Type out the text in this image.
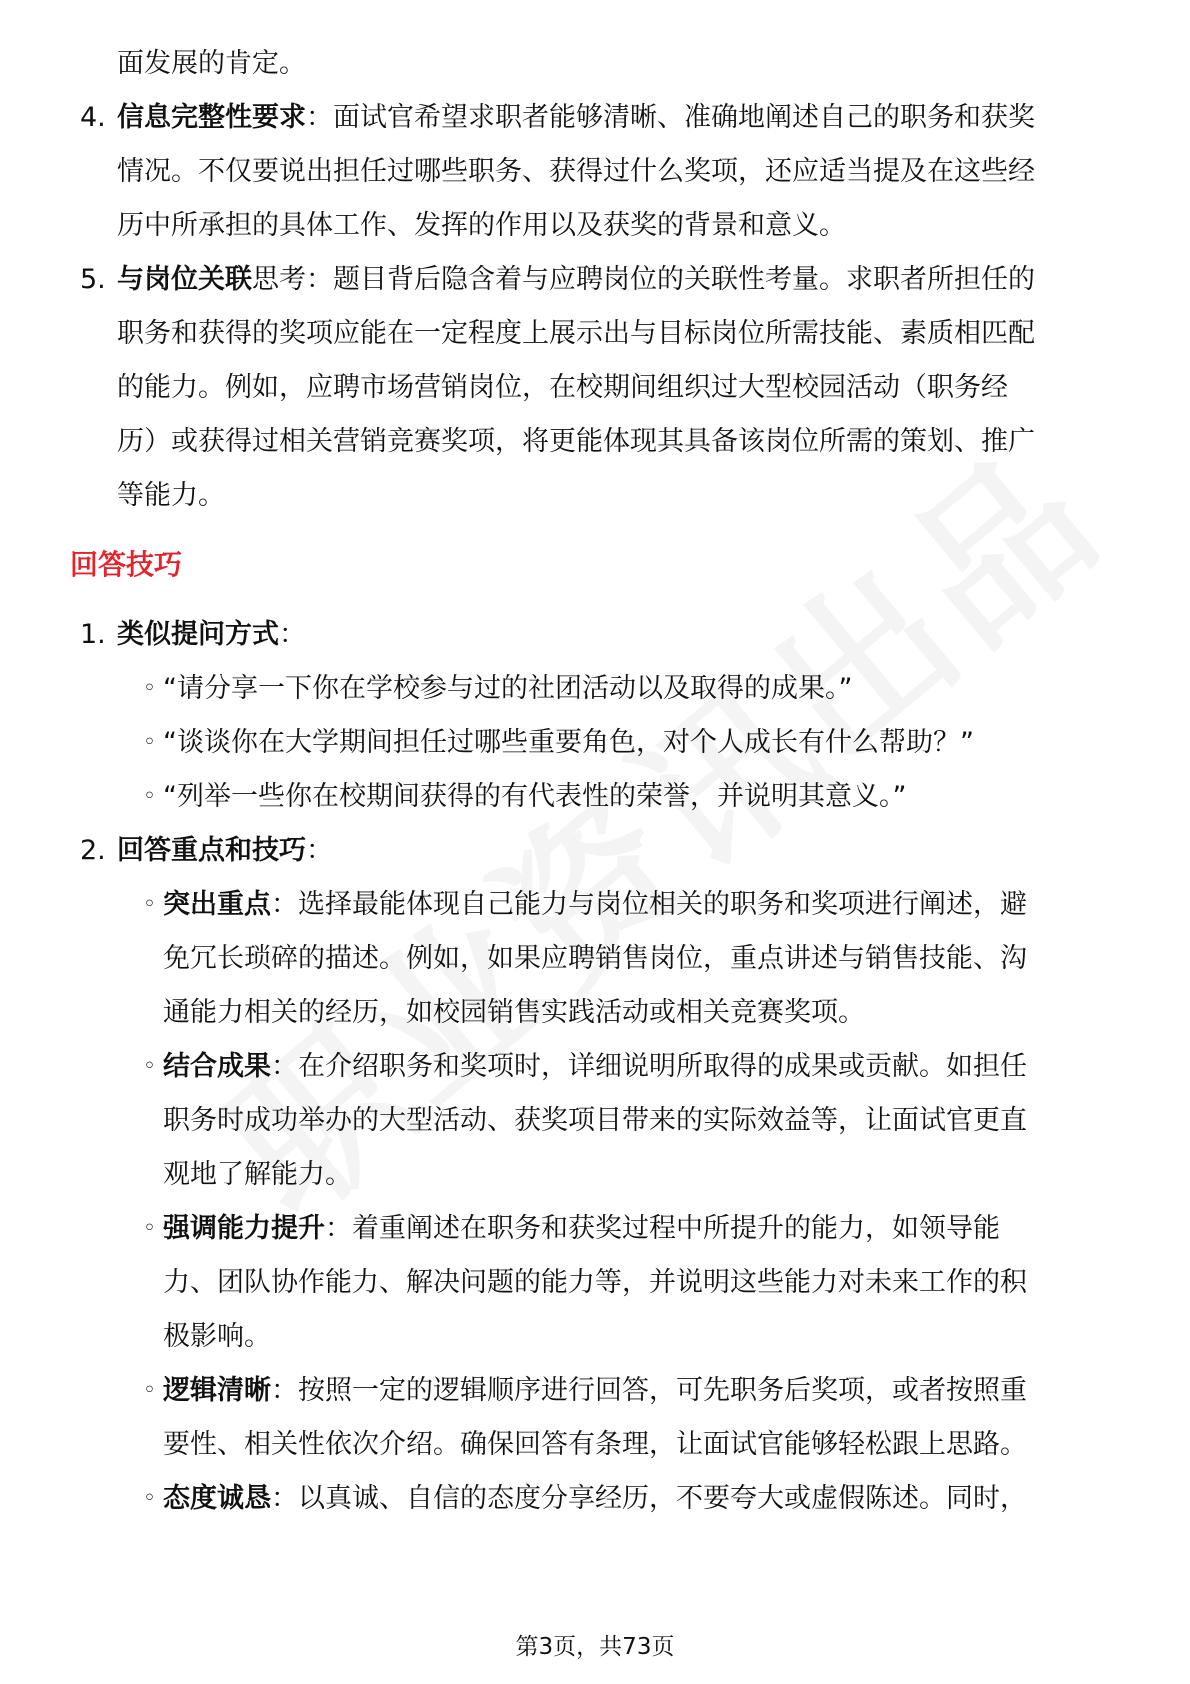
面发展的肯定。
4. 信息完整性要求：面试官希望求职者能够清晰、准确地阐述自己的职务和获奖
情况。不仅要说出担任过哪些职务、获得过什么奖项，还应适当提及在这些经
历中所承担的具体工作、发挥的作用以及获奖的背景和意义。
5. 与岗位关联思考：题目背后隐含着与应聘岗位的关联性考量。求职者所担任的
职务和获得的奖项应能在一定程度上展示出与目标岗位所需技能、素质相匹配
的能力。例如，应聘市场营销岗位，在校期间组织过大型校园活动（职务经
历）或获得过相关营销竞赛奖项，将更能体现其具备该岗位所需的策划、推广
等能力。
回答技巧
1. 类似提问方式：
◦ “请分享一下你在学校参与过的社团活动以及取得的成果。”
◦ “谈谈你在大学期间担任过哪些重要角色，对个人成长有什么帮助？”
◦ “列举一些你在校期间获得的有代表性的荣誉，并说明其意义。”
2. 回答重点和技巧：
◦ 突出重点：选择最能体现自己能力与岗位相关的职务和奖项进行阐述，避
免冗长琐碎的描述。例如，如果应聘销售岗位，重点讲述与销售技能、沟
通能力相关的经历，如校园销售实践活动或相关竞赛奖项。
◦ 结合成果：在介绍职务和奖项时，详细说明所取得的成果或贡献。如担任
职务时成功举办的大型活动、获奖项目带来的实际效益等，让面试官更直
观地了解能力。
◦ 强调能力提升：着重阐述在职务和获奖过程中所提升的能力，如领导能
力、团队协作能力、解决问题的能力等，并说明这些能力对未来工作的积
极影响。
◦ 逻辑清晰：按照一定的逻辑顺序进行回答，可先职务后奖项，或者按照重
要性、相关性依次介绍。确保回答有条理，让面试官能够轻松跟上思路。
◦ 态度诚恳：以真诚、自信的态度分享经历，不要夸大或虚假陈述。同时，
第3页，共73页
